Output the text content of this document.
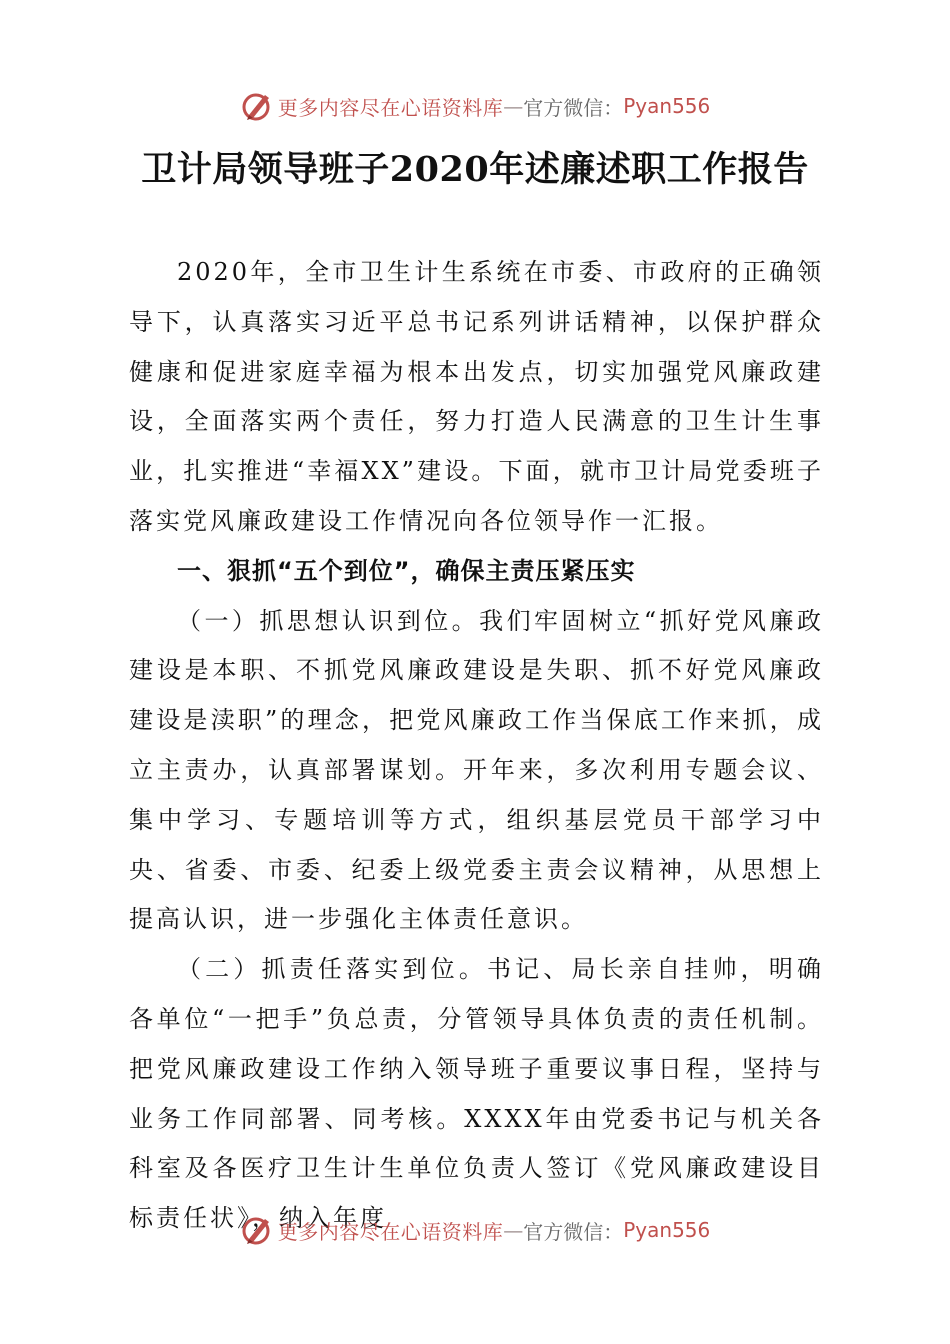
更多内容尽在心语资料库 — 官方微信： Pyan556
卫计局领导班子2020年述廉述职工作报告

2020年，全市卫生计生系统在市委、市政府的正确领导下，认真落实习近平总书记系列讲话精神，以保护群众健康和促进家庭幸福为根本出发点，切实加强党风廉政建设，全面落实两个责任，努力打造人民满意的卫生计生事业，扎实推进“幸福XX”建设。下面，就市卫计局党委班子落实党风廉政建设工作情况向各位领导作一汇报。

一、狠抓“五个到位”，确保主责压紧压实

（一）抓思想认识到位。我们牢固树立“抓好党风廉政建设是本职、不抓党风廉政建设是失职、抓不好党风廉政建设是渎职”的理念，把党风廉政工作当保底工作来抓，成立主责办，认真部署谋划。开年来，多次利用专题会议、集中学习、专题培训等方式，组织基层党员干部学习中央、省委、市委、纪委上级党委主责会议精神，从思想上提高认识，进一步强化主体责任意识。

（二）抓责任落实到位。书记、局长亲自挂帅，明确各单位“一把手”负总责，分管领导具体负责的责任机制。把党风廉政建设工作纳入领导班子重要议事日程，坚持与业务工作同部署、同考核。XXXX年由党委书记与机关各科室及各医疗卫生计生单位负责人签订《党风廉政建设目标责任状》，纳入年度

更多内容尽在心语资料库 — 官方微信： Pyan556
